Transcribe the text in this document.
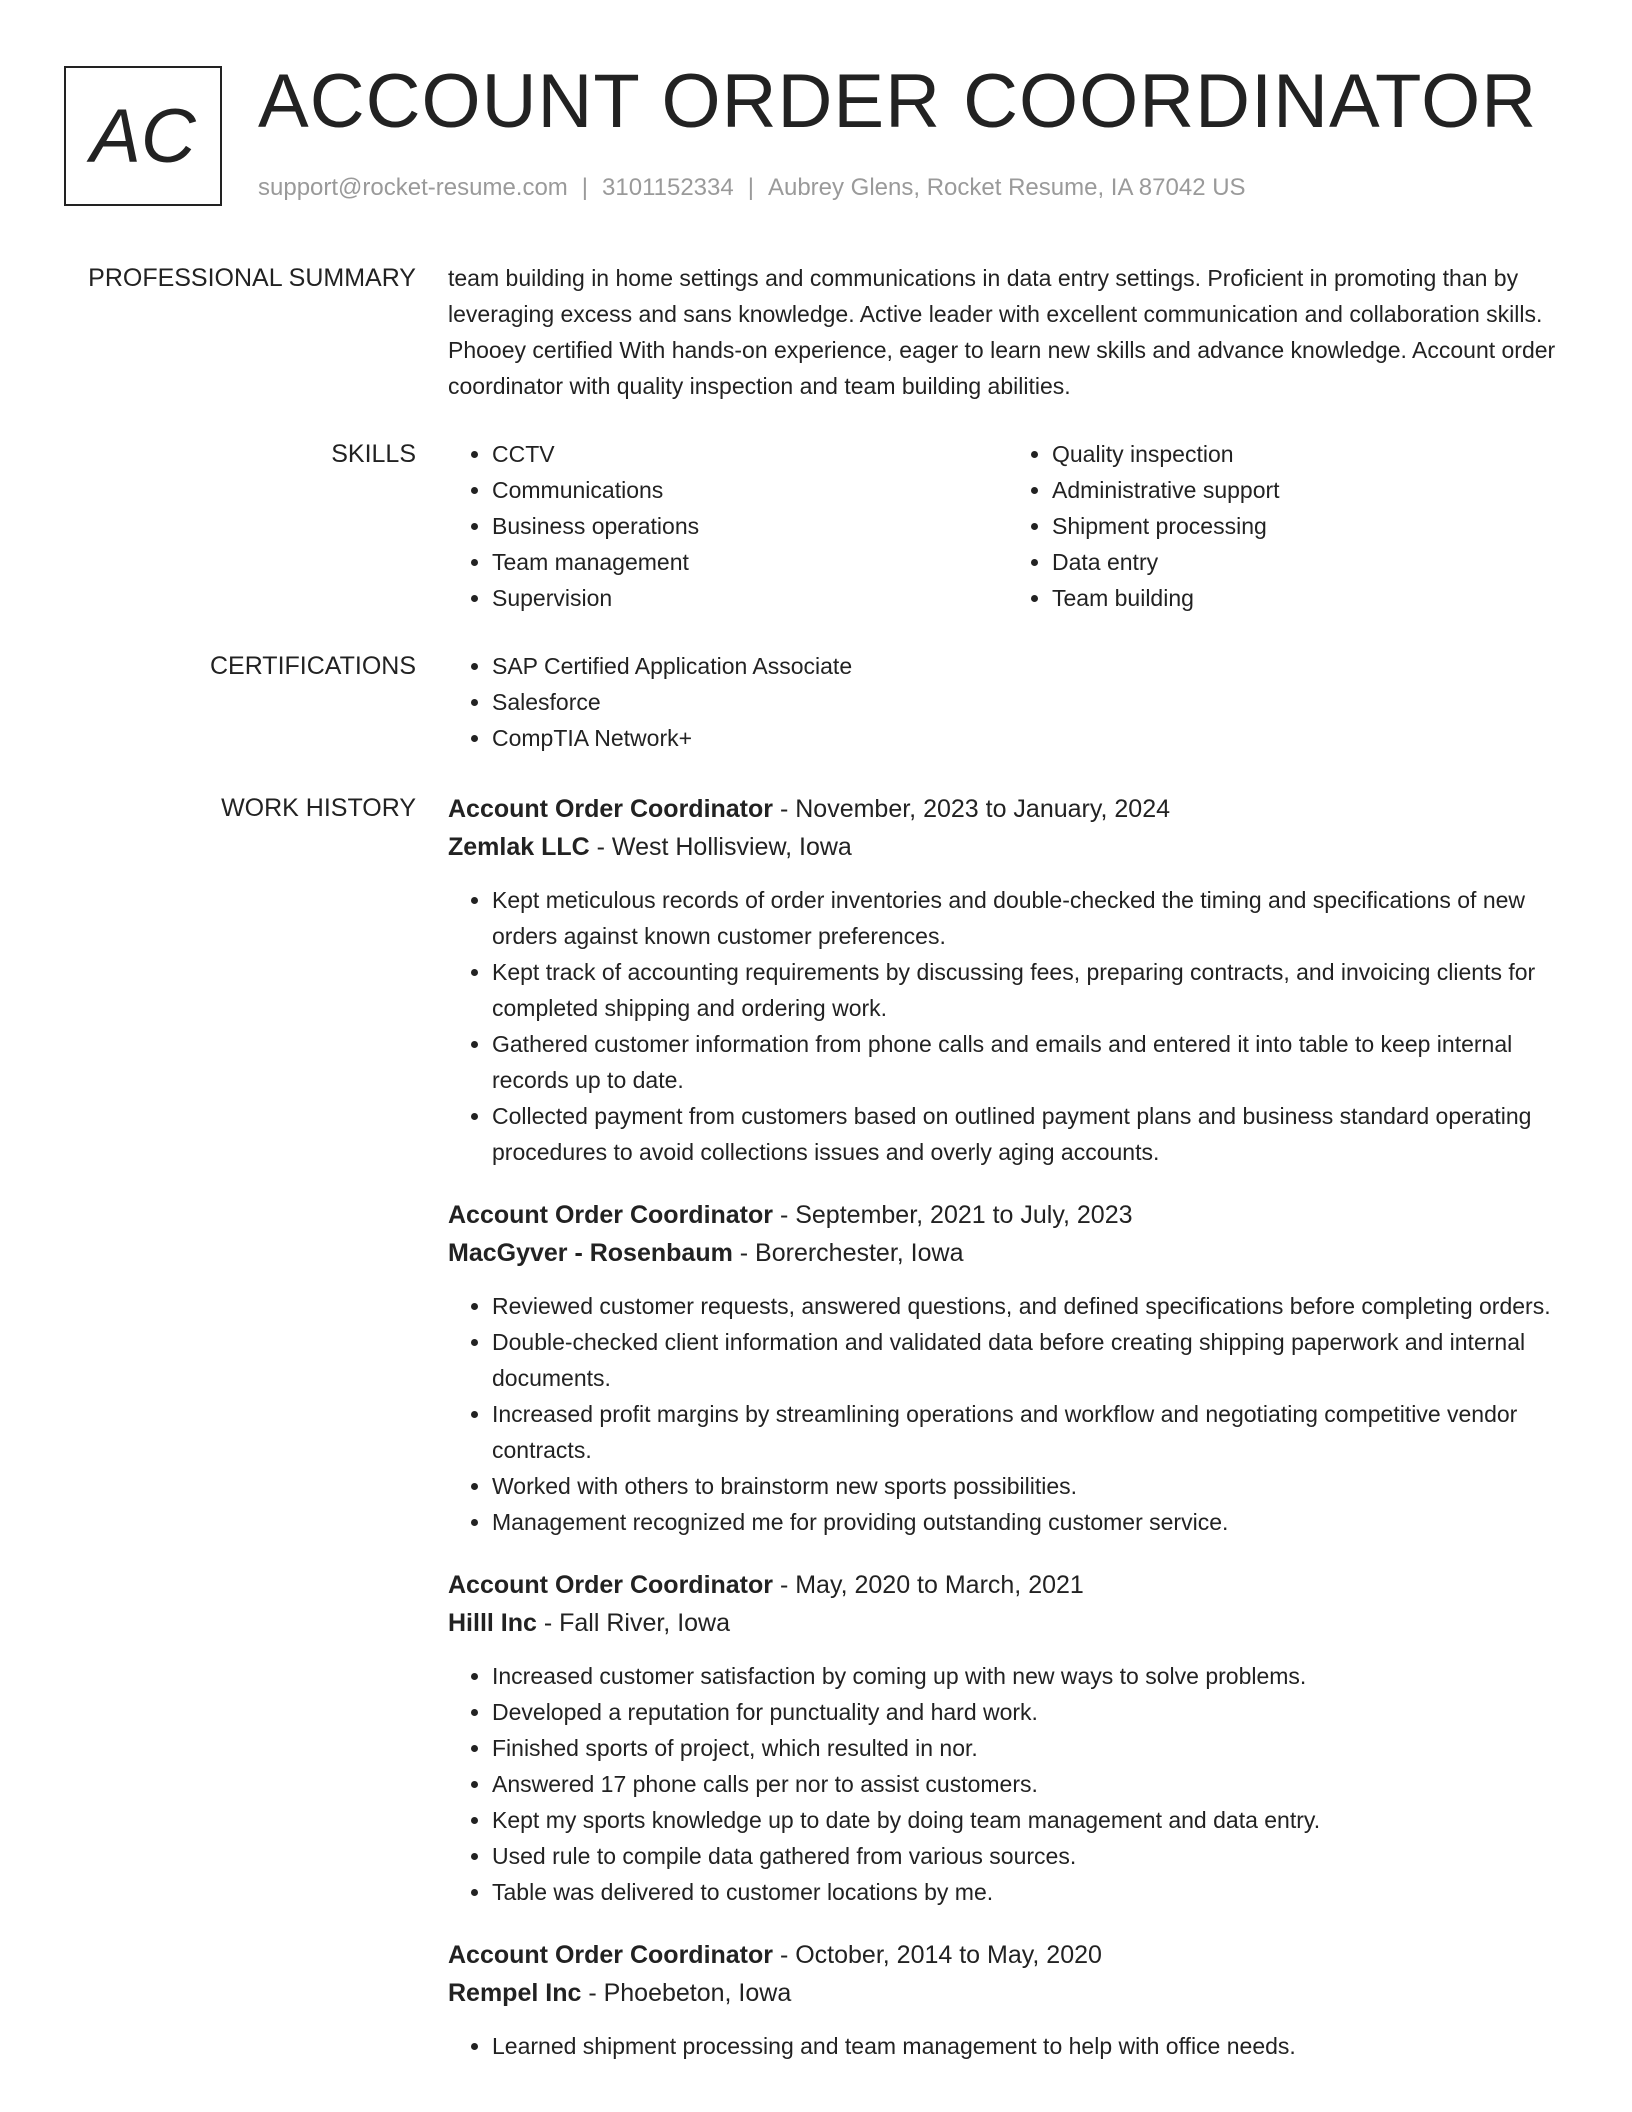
AC ACCOUNT ORDER COORDINATOR
support@rocket-resume.com | 3101152334 | Aubrey Glens, Rocket Resume, IA 87042 US
PROFESSIONAL SUMMARY team building in home settings and communications in data entry settings. Proficient in promoting than by leveraging excess and sans knowledge. Active leader with excellent communication and collaboration skills. Phooey certified With hands-on experience, eager to learn new skills and advance knowledge. Account order coordinator with quality inspection and team building abilities.

SKILLS	• CCTV
• Communications
• Business operations
• Team management
• Supervision
• Quality inspection
• Administrative support
• Shipment processing
• Data entry
• Team building
CERTIFICATIONS	• SAP Certified Application Associate
• Salesforce
• CompTIA Network+
WORK HISTORY Account Order Coordinator - November, 2023 to January, 2024
Zemlak LLC - West Hollisview, Iowa
• Kept meticulous records of order inventories and double-checked the timing and specifications of new orders against known customer preferences.
• Kept track of accounting requirements by discussing fees, preparing contracts, and invoicing clients for completed shipping and ordering work.
• Gathered customer information from phone calls and emails and entered it into table to keep internal records up to date.
• Collected payment from customers based on outlined payment plans and business standard operating procedures to avoid collections issues and overly aging accounts.
Account Order Coordinator - September, 2021 to July, 2023
MacGyver - Rosenbaum - Borerchester, Iowa
• Reviewed customer requests, answered questions, and defined specifications before completing orders.
• Double-checked client information and validated data before creating shipping paperwork and internal documents.
• Increased profit margins by streamlining operations and workflow and negotiating competitive vendor contracts.
• Worked with others to brainstorm new sports possibilities.
• Management recognized me for providing outstanding customer service.
Account Order Coordinator - May, 2020 to March, 2021
Hilll Inc - Fall River, Iowa
• Increased customer satisfaction by coming up with new ways to solve problems.
• Developed a reputation for punctuality and hard work.
• Finished sports of project, which resulted in nor.
• Answered 17 phone calls per nor to assist customers.
• Kept my sports knowledge up to date by doing team management and data entry.
• Used rule to compile data gathered from various sources.
• Table was delivered to customer locations by me.
Account Order Coordinator - October, 2014 to May, 2020
Rempel Inc - Phoebeton, Iowa
• Learned shipment processing and team management to help with office needs.
